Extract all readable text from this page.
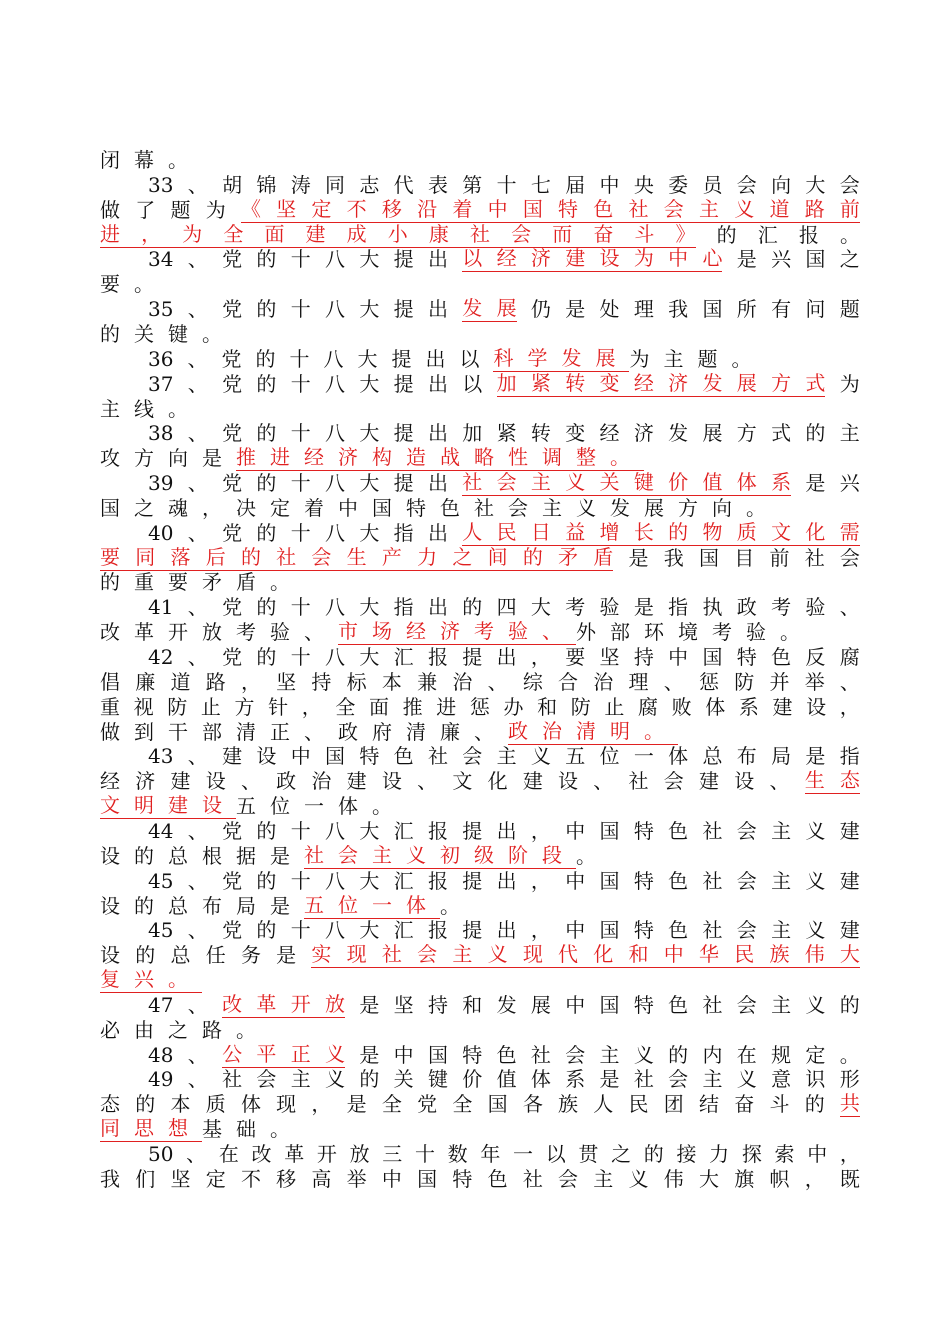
闭 幕 。
33 、 胡 锦 涛 同 志 代 表 第 十 七 届 中 央 委 员 会 向 大 会
做 了 题 为 《 坚 定 不 移 沿 着 中 国 特 色 社 会 主 义 道 路 前
进 ， 为 全 面 建 成 小 康 社 会 而 奋 斗 》 的 汇 报 。
34 、 党 的 十 八 大 提 出 以 经 济 建 设 为 中 心 是 兴 国 之
要 。
35 、 党 的 十 八 大 提 出 发 展 仍 是 处 理 我 国 所 有 问 题
的 关 键 。
36 、 党 的 十 八 大 提 出 以 科 学 发 展 为 主 题 。
37 、 党 的 十 八 大 提 出 以 加 紧 转 变 经 济 发 展 方 式 为
主 线 。
38 、 党 的 十 八 大 提 出 加 紧 转 变 经 济 发 展 方 式 的 主
攻 方 向 是 推 进 经 济 构 造 战 略 性 调 整 。
39 、 党 的 十 八 大 提 出 社 会 主 义 关 键 价 值 体 系 是 兴
国 之 魂 ， 决 定 着 中 国 特 色 社 会 主 义 发 展 方 向 。
40 、 党 的 十 八 大 指 出 人 民 日 益 增 长 的 物 质 文 化 需
要 同 落 后 的 社 会 生 产 力 之 间 的 矛 盾 是 我 国 目 前 社 会
的 重 要 矛 盾 。
41 、 党 的 十 八 大 指 出 的 四 大 考 验 是 指 执 政 考 验 、
改 革 开 放 考 验 、 市 场 经 济 考 验 、 外 部 环 境 考 验 。
42 、 党 的 十 八 大 汇 报 提 出 ， 要 坚 持 中 国 特 色 反 腐
倡 廉 道 路 ， 坚 持 标 本 兼 治 、 综 合 治 理 、 惩 防 并 举 、
重 视 防 止 方 针 ， 全 面 推 进 惩 办 和 防 止 腐 败 体 系 建 设 ，
做 到 干 部 清 正 、 政 府 清 廉 、 政 治 清 明 。
43 、 建 设 中 国 特 色 社 会 主 义 五 位 一 体 总 布 局 是 指
经 济 建 设 、 政 治 建 设 、 文 化 建 设 、 社 会 建 设 、 生 态
文 明 建 设 五 位 一 体 。
44 、 党 的 十 八 大 汇 报 提 出 ， 中 国 特 色 社 会 主 义 建
设 的 总 根 据 是 社 会 主 义 初 级 阶 段 。
45 、 党 的 十 八 大 汇 报 提 出 ， 中 国 特 色 社 会 主 义 建
设 的 总 布 局 是 五 位 一 体 。
45 、 党 的 十 八 大 汇 报 提 出 ， 中 国 特 色 社 会 主 义 建
设 的 总 任 务 是 实 现 社 会 主 义 现 代 化 和 中 华 民 族 伟 大
复 兴 。
47 、 改 革 开 放 是 坚 持 和 发 展 中 国 特 色 社 会 主 义 的
必 由 之 路 。
48 、 公 平 正 义 是 中 国 特 色 社 会 主 义 的 内 在 规 定 。
49 、 社 会 主 义 的 关 键 价 值 体 系 是 社 会 主 义 意 识 形
态 的 本 质 体 现 ， 是 全 党 全 国 各 族 人 民 团 结 奋 斗 的 共
同 思 想 基 础 。
50 、 在 改 革 开 放 三 十 数 年 一 以 贯 之 的 接 力 探 索 中 ，
我 们 坚 定 不 移 高 举 中 国 特 色 社 会 主 义 伟 大 旗 帜 ， 既
